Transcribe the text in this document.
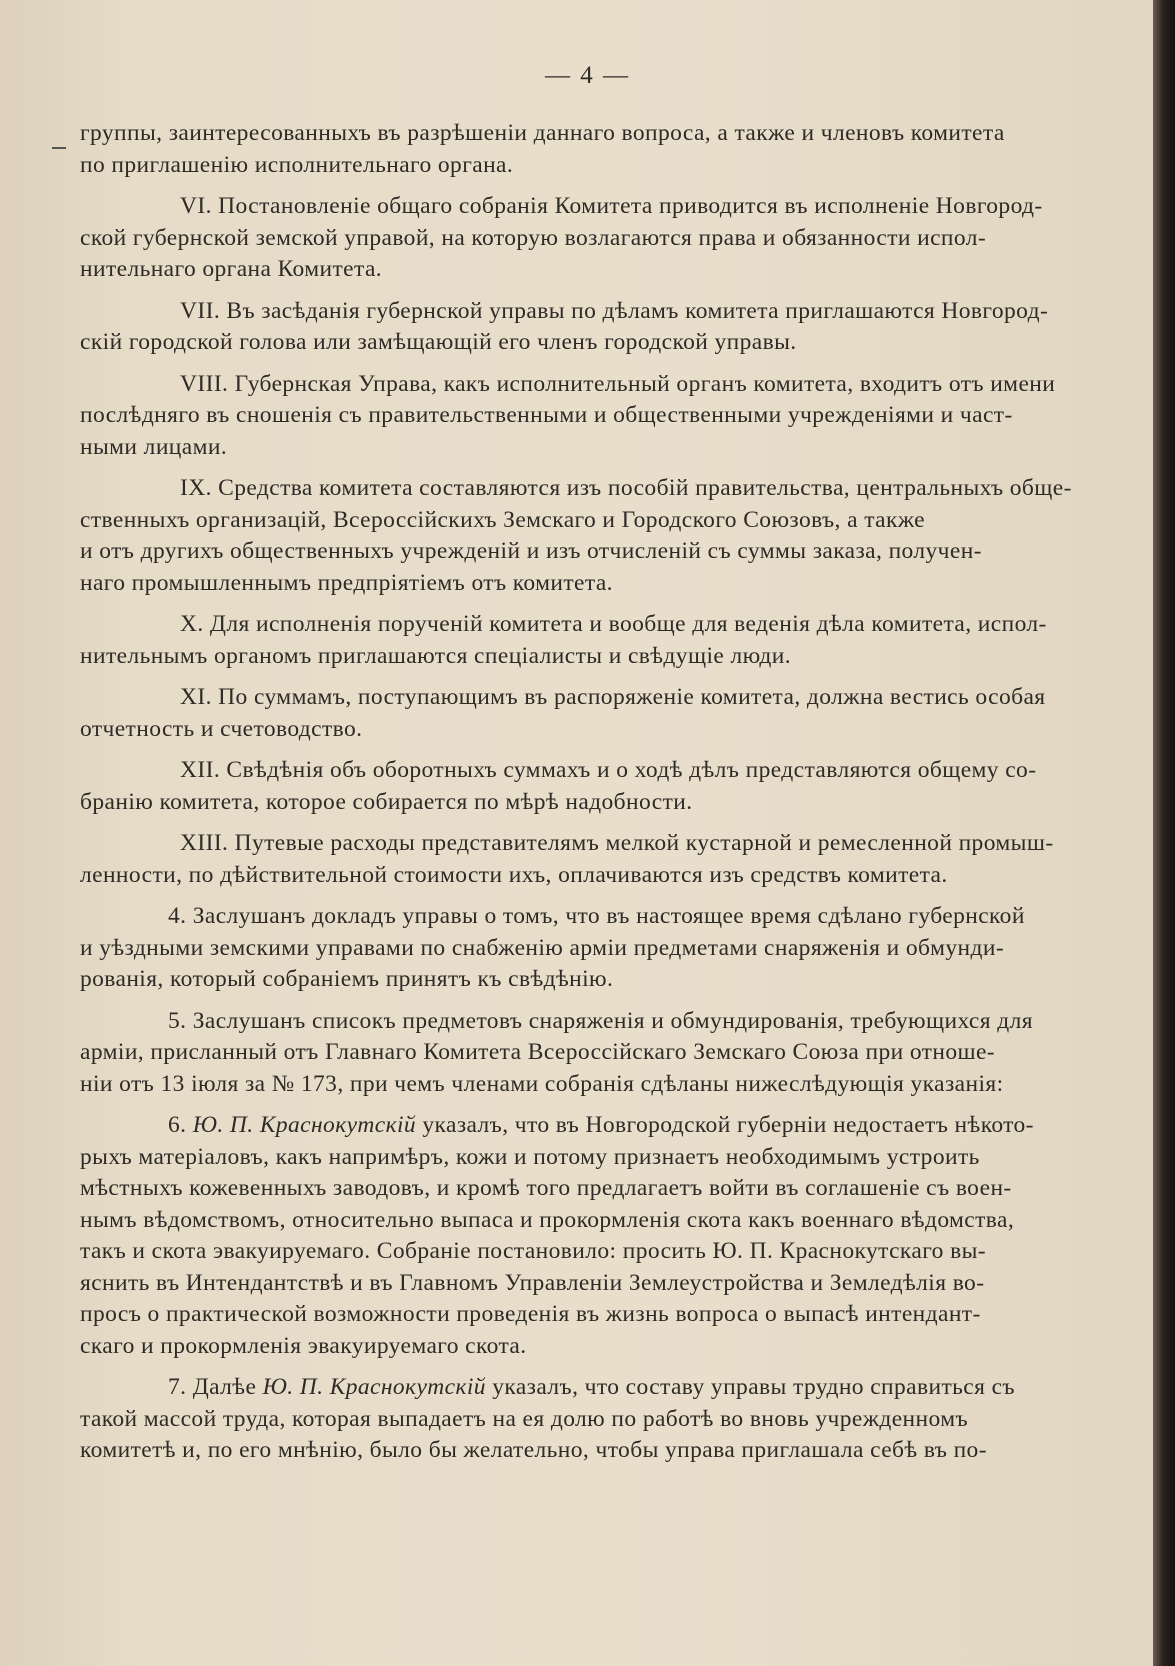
— 4 —
группы, заинтересованныхъ въ разрѣшеніи даннаго вопроса, а также и членовъ комитета
по приглашенію исполнительнаго органа.
VI. Постановленіе общаго собранія Комитета приводится въ исполненіе Новгород-
ской губернской земской управой, на которую возлагаются права и обязанности испол-
нительнаго органа Комитета.
VII. Въ засѣданія губернской управы по дѣламъ комитета приглашаются Новгород-
скій городской голова или замѣщающій его членъ городской управы.
VIII. Губернская Управа, какъ исполнительный органъ комитета, входитъ отъ имени
послѣдняго въ сношенія съ правительственными и общественными учрежденіями и част-
ными лицами.
IX. Средства комитета составляются изъ пособій правительства, центральныхъ обще-
ственныхъ организацій, Всероссійскихъ Земскаго и Городского Союзовъ, а также
и отъ другихъ общественныхъ учрежденій и изъ отчисленій съ суммы заказа, получен-
наго промышленнымъ предпріятіемъ отъ комитета.
X. Для исполненія порученій комитета и вообще для веденія дѣла комитета, испол-
нительнымъ органомъ приглашаются спеціалисты и свѣдущіе люди.
XI. По суммамъ, поступающимъ въ распоряженіе комитета, должна вестись особая
отчетность и счетоводство.
XII. Свѣдѣнія объ оборотныхъ суммахъ и о ходѣ дѣлъ представляются общему со-
бранію комитета, которое собирается по мѣрѣ надобности.
XIII. Путевые расходы представителямъ мелкой кустарной и ремесленной промыш-
ленности, по дѣйствительной стоимости ихъ, оплачиваются изъ средствъ комитета.
4. Заслушанъ докладъ управы о томъ, что въ настоящее время сдѣлано губернской
и уѣздными земскими управами по снабженію арміи предметами снаряженія и обмунди-
рованія, который собраніемъ принятъ къ свѣдѣнію.
5. Заслушанъ списокъ предметовъ снаряженія и обмундированія, требующихся для
арміи, присланный отъ Главнаго Комитета Всероссійскаго Земскаго Союза при отноше-
ніи отъ 13 іюля за № 173, при чемъ членами собранія сдѣланы нижеслѣдующія указанія:
6. Ю. П. Краснокутскій указалъ, что въ Новгородской губерніи недостаетъ нѣкото-
рыхъ матеріаловъ, какъ напримѣръ, кожи и потому признаетъ необходимымъ устроить
мѣстныхъ кожевенныхъ заводовъ, и кромѣ того предлагаетъ войти въ соглашеніе съ воен-
нымъ вѣдомствомъ, относительно выпаса и прокормленія скота какъ военнаго вѣдомства,
такъ и скота эвакуируемаго. Собраніе постановило: просить Ю. П. Краснокутскаго вы-
яснить въ Интендантствѣ и въ Главномъ Управленіи Землеустройства и Земледѣлія во-
просъ о практической возможности проведенія въ жизнь вопроса о выпасѣ интендант-
скаго и прокормленія эвакуируемаго скота.
7. Далѣе Ю. П. Краснокутскій указалъ, что составу управы трудно справиться съ
такой массой труда, которая выпадаетъ на ея долю по работѣ во вновь учрежденномъ
комитетѣ и, по его мнѣнію, было бы желательно, чтобы управа приглашала себѣ въ по-
